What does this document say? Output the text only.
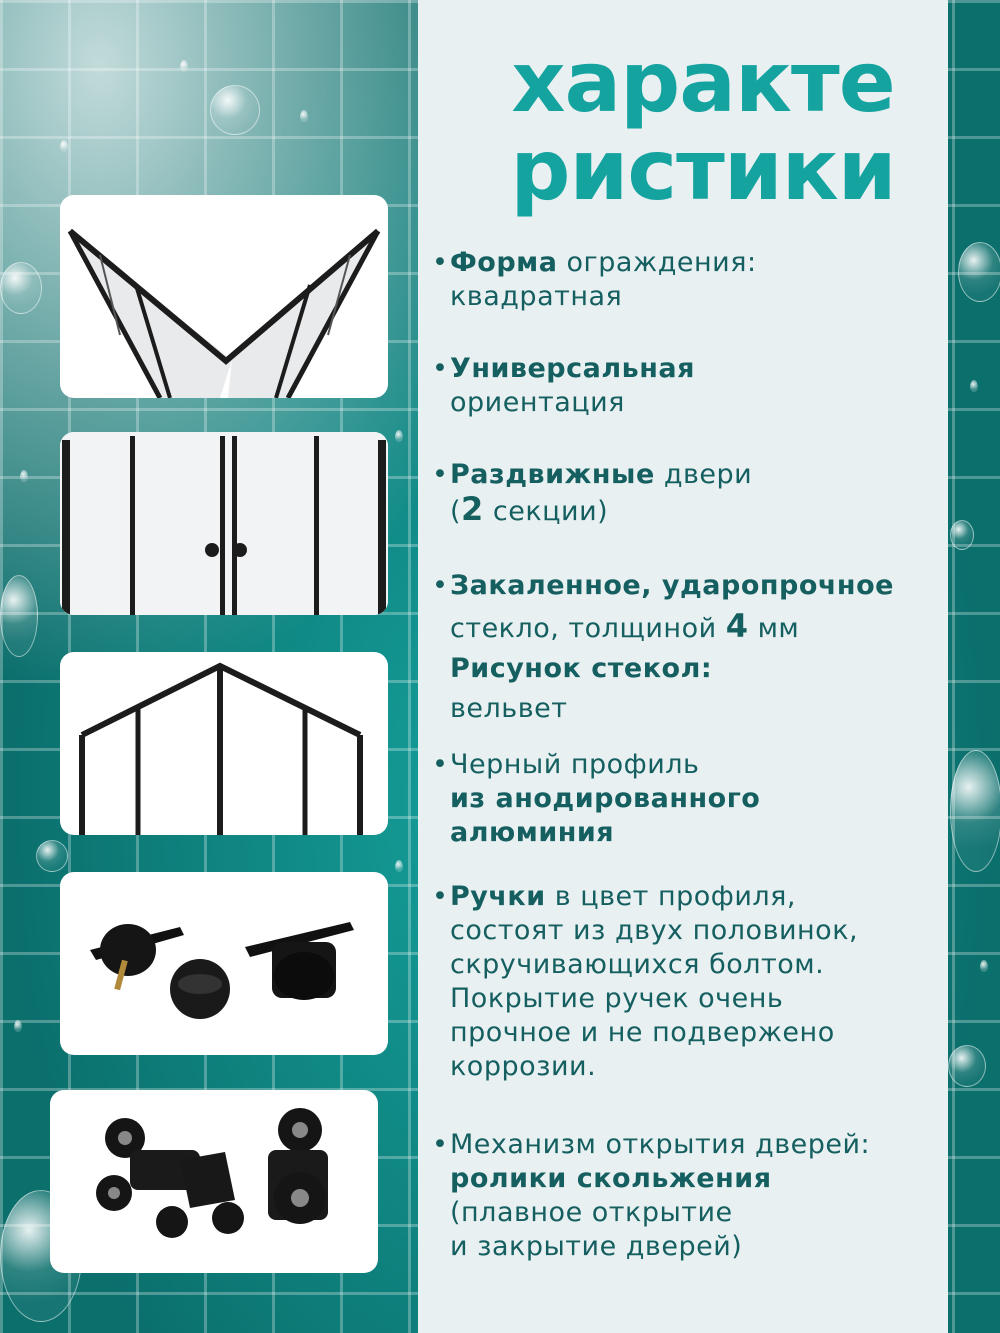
характе
ристики
• Форма ограждения:
квадратная
• Универсальная
ориентация
• Раздвижные двери
(2 секции)
• Закаленное, ударопрочное
стекло, толщиной 4 мм
Рисунок стекол:
вельвет
• Черный профиль
из анодированного
алюминия
• Ручки в цвет профиля,
состоят из двух половинок,
скручивающихся болтом.
Покрытие ручек очень
прочное и не подвержено
коррозии.
• Механизм открытия дверей:
ролики скольжения
(плавное открытие
и закрытие дверей)
